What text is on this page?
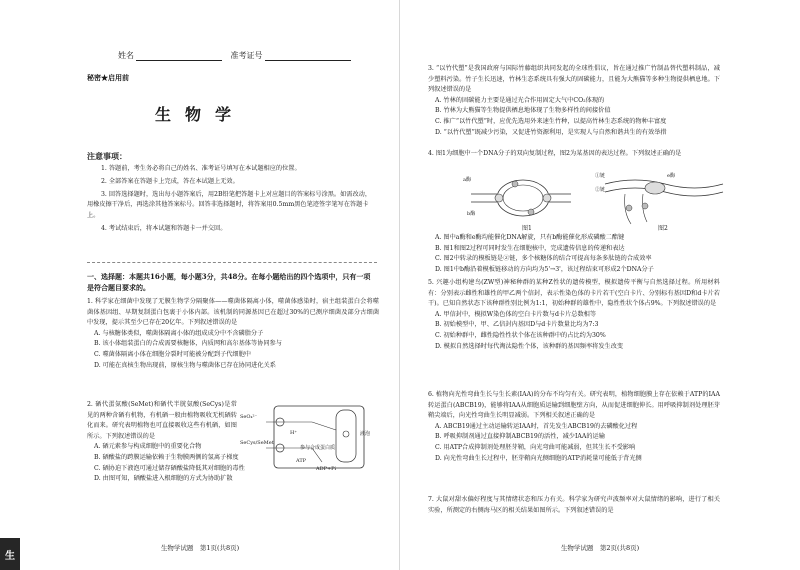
姓名	准考证号
秘密★启用前
生物学
注意事项：

1. 答题前，考生务必将自己的姓名、准考证号填写在本试题相应的位置。

2. 全部答案在答题卡上完成，答在本试题上无效。

3. 回答选择题时，选出每小题答案后，用2B铅笔把答题卡上对应题目的答案标号涂黑。如需改动，用橡皮擦干净后，再选涂其他答案标号。回答非选择题时，将答案用0.5mm黑色笔迹签字笔写在答题卡上。

4. 考试结束后，将本试题和答题卡一并交回。

一、选择题：本题共16小题，每小题3分，共48分。在每小题给出的四个选项中，只有一项是符合题目要求的。
1. 科学家在细菌中发现了无膜生物学分隔聚体——噬菌体隔离小体，噬菌体感染时，宿主组装蛋白会将噬菌体基因组、早期复制蛋白包裹于小体内部。该机制的同源基因已在超过30%的已测序细菌及部分古细菌中发现，提示其至少已存在20亿年。下列叙述错误的是
A. 与核糖体类似，噬菌体隔离小体的组成成分中不含磷脂分子
B. 该小体组装蛋白的合成需要核糖体，内质网和高尔基体等协同参与
C. 噬菌体隔离小体在细胞分裂时可能被分配到子代细胞中
D. 可能在真核生物出现前，原核生物与噬菌体已存在协同进化关系
2. 硒代蛋氨酸(SeMet)和硒代半胱氨酸(SeCys)是常见的两种含硒有机物，有机硒一般由植物吸收无机硒转化而来。研究表明植物也可直接吸收这些有机硒，如图所示。下列叙述错误的是
A. 硒元素参与构成细胞中的重要化合物
B. 硒酸盐的跨膜运输依赖于生物膜两侧的氢离子梯度
C. 硒协迫下液泡可通过储存硒酸盐降低其对细胞的毒性
D. 由图可知，硒酸盐进入根细胞的方式为协助扩散
SeO₄²⁻
SeCys/SeMet
液泡
H⁺
ATP
ADP+Pi
参与合成蛋白质
生物学试题　第1页(共8页)
生
3. “以竹代塑”是我国政府与国际竹藤组织共同发起的全球性倡议，旨在通过推广竹制品替代塑料制品，减少塑料污染。竹子生长迅速，竹林生态系统具有强大的固碳能力，且能为大熊猫等多种生物提供栖息地。下列叙述错误的是
A. 竹林的固碳能力主要是通过光合作用固定大气中CO₂体现的
B. 竹林为大熊猫等生物提供栖息地体现了生物多样性的间接价值
C. 推广“以竹代塑”时，应优先选用外来速生竹种，以提高竹林生态系统的物种丰富度
D. “以竹代塑”既减少污染，又促进竹资源利用，是实现人与自然和谐共生的有效举措
4. 图1为细胞中一个DNA分子的双向复制过程，图2为某基因的表达过程。下列叙述正确的是
a酶
b酶
图1
①链
②链
e酶
图2
A. 图中a酶和e酶均能催化DNA解旋，只有b酶能催化形成磷酸二酯键
B. 图1和图2过程可同时发生在细胞核中，完成遗传信息的传递和表达
C. 图2中转录的模板链是②链，多个核糖体的结合可提高每条多肽链的合成效率
D. 图1中b酶沿着模板链移动的方向均为5'→3'，该过程结束可形成2个DNA分子
5. 兴趣小组构建鸟(ZW型)神秘种群的某种Z性状的遗传模型，模拟遗传平衡与自然选择过程。所用材料有：分别表示雌性和雄性的甲乙两个信封，表示性染色体的卡片若干(空白卡片、分别标有基因D和d卡片若干)。已知自然状态下该种群性别比例为1:1，初始种群的雄性中，隐性性状个体占9%。下列叙述错误的是
A. 甲信封中，模拟W染色体的空白卡片数与d卡片总数相等
B. 初始模型中，甲、乙信封内基因D与d卡片数量比均为7:3
C. 初始种群中，雌性隐性性状个体在该种群中的占比约为30%
D. 模拟自然选择时每代淘汰隐性个体，该种群的基因频率将发生改变
6. 植物向光性弯曲生长与生长素(IAA)的分布不均匀有关。研究表明，植物细胞膜上存在依赖于ATP的IAA转运蛋白(ABCB19)，能够将IAA从细胞质运输到细胞壁方向，从而促进细胞伸长。用呼吸抑制剂处理胚芽鞘尖端后，向光性弯曲生长明显减弱。下列相关叙述正确的是
A. ABCB19通过主动运输转运IAA时，首先发生ABCB19的去磷酸化过程
B. 呼吸抑制剂通过直接抑制ABCB19的活性，减少IAA的运输
C. 用ATP合成抑制剂处理胚芽鞘，向光弯曲可能减弱，但其生长不受影响
D. 向光性弯曲生长过程中，胚芽鞘向光侧细胞的ATP消耗量可能低于背光侧
7. 大鼠对甜水偏好程度与其情绪状态和压力有关。科学家为研究声波频率对大鼠情绪的影响，进行了相关实验，所测定的右侧海马区的相关结果如图所示。下列叙述错误的是
生物学试题　第2页(共8页)
